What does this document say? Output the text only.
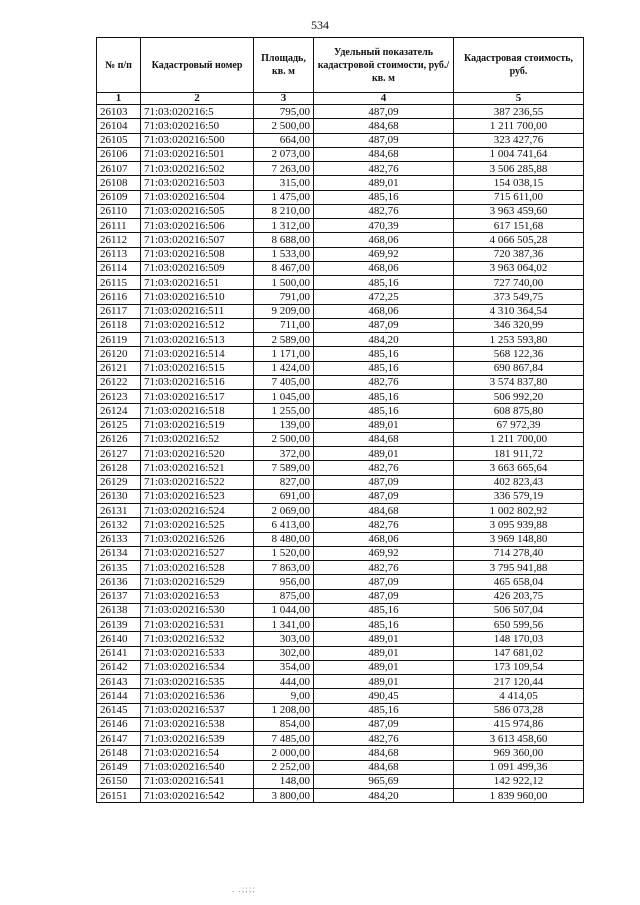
534
№ п/п	Кадастровый номер	Площадь, кв. м	Удельный показатель кадастровой стоимости, руб./кв. м	Кадастровая стоимость, руб.
1	2	3	4	5
26103	71:03:020216:5	795,00	487,09	387 236,55
26104	71:03:020216:50	2 500,00	484,68	1 211 700,00
26105	71:03:020216:500	664,00	487,09	323 427,76
26106	71:03:020216:501	2 073,00	484,68	1 004 741,64
26107	71:03:020216:502	7 263,00	482,76	3 506 285,88
26108	71:03:020216:503	315,00	489,01	154 038,15
26109	71:03:020216:504	1 475,00	485,16	715 611,00
26110	71:03:020216:505	8 210,00	482,76	3 963 459,60
26111	71:03:020216:506	1 312,00	470,39	617 151,68
26112	71:03:020216:507	8 688,00	468,06	4 066 505,28
26113	71:03:020216:508	1 533,00	469,92	720 387,36
26114	71:03:020216:509	8 467,00	468,06	3 963 064,02
26115	71:03:020216:51	1 500,00	485,16	727 740,00
26116	71:03:020216:510	791,00	472,25	373 549,75
26117	71:03:020216:511	9 209,00	468,06	4 310 364,54
26118	71:03:020216:512	711,00	487,09	346 320,99
26119	71:03:020216:513	2 589,00	484,20	1 253 593,80
26120	71:03:020216:514	1 171,00	485,16	568 122,36
26121	71:03:020216:515	1 424,00	485,16	690 867,84
26122	71:03:020216:516	7 405,00	482,76	3 574 837,80
26123	71:03:020216:517	1 045,00	485,16	506 992,20
26124	71:03:020216:518	1 255,00	485,16	608 875,80
26125	71:03:020216:519	139,00	489,01	67 972,39
26126	71:03:020216:52	2 500,00	484,68	1 211 700,00
26127	71:03:020216:520	372,00	489,01	181 911,72
26128	71:03:020216:521	7 589,00	482,76	3 663 665,64
26129	71:03:020216:522	827,00	487,09	402 823,43
26130	71:03:020216:523	691,00	487,09	336 579,19
26131	71:03:020216:524	2 069,00	484,68	1 002 802,92
26132	71:03:020216:525	6 413,00	482,76	3 095 939,88
26133	71:03:020216:526	8 480,00	468,06	3 969 148,80
26134	71:03:020216:527	1 520,00	469,92	714 278,40
26135	71:03:020216:528	7 863,00	482,76	3 795 941,88
26136	71:03:020216:529	956,00	487,09	465 658,04
26137	71:03:020216:53	875,00	487,09	426 203,75
26138	71:03:020216:530	1 044,00	485,16	506 507,04
26139	71:03:020216:531	1 341,00	485,16	650 599,56
26140	71:03:020216:532	303,00	489,01	148 170,03
26141	71:03:020216:533	302,00	489,01	147 681,02
26142	71:03:020216:534	354,00	489,01	173 109,54
26143	71:03:020216:535	444,00	489,01	217 120,44
26144	71:03:020216:536	9,00	490,45	4 414,05
26145	71:03:020216:537	1 208,00	485,16	586 073,28
26146	71:03:020216:538	854,00	487,09	415 974,86
26147	71:03:020216:539	7 485,00	482,76	3 613 458,60
26148	71:03:020216:54	2 000,00	484,68	969 360,00
26149	71:03:020216:540	2 252,00	484,68	1 091 499,36
26150	71:03:020216:541	148,00	965,69	142 922,12
26151	71:03:020216:542	3 800,00	484,20	1 839 960,00
. .;;;;
